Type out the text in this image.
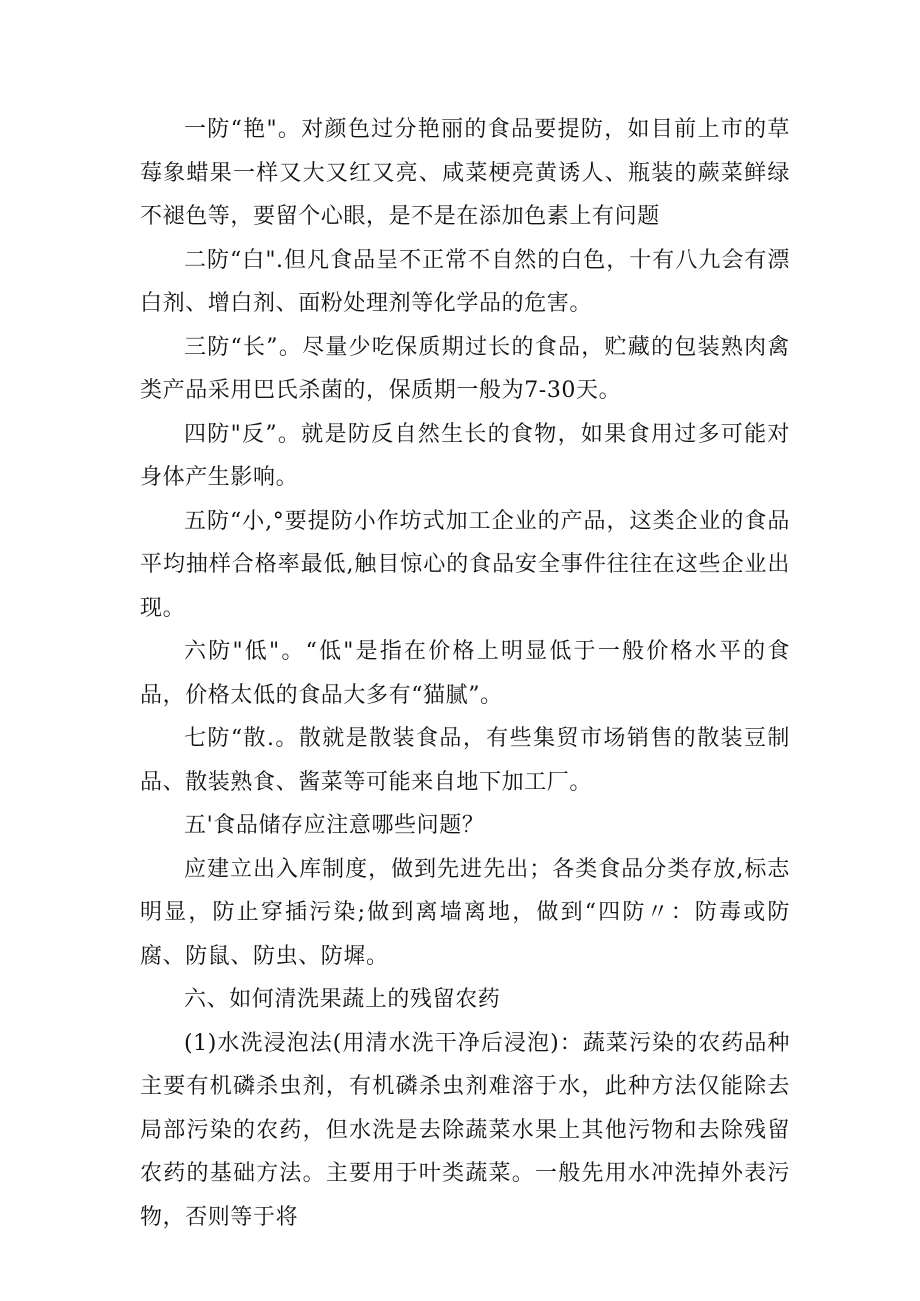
一防“艳"。对颜色过分艳丽的食品要提防，如目前上市的草莓象蜡果一样又大又红又亮、咸菜梗亮黄诱人、瓶装的蕨菜鲜绿不褪色等，要留个心眼，是不是在添加色素上有问题

二防“白".但凡食品呈不正常不自然的白色，十有八九会有漂白剂、增白剂、面粉处理剂等化学品的危害。

三防“长”。尽量少吃保质期过长的食品，贮藏的包装熟肉禽类产品采用巴氏杀菌的，保质期一般为7-30天。

四防"反”。就是防反自然生长的食物，如果食用过多可能对身体产生影响。

五防“小,°要提防小作坊式加工企业的产品，这类企业的食品平均抽样合格率最低,触目惊心的食品安全事件往往在这些企业出现。

六防"低"。“低"是指在价格上明显低于一般价格水平的食品，价格太低的食品大多有“猫腻”。

七防“散.。散就是散装食品，有些集贸市场销售的散装豆制品、散装熟食、酱菜等可能来自地下加工厂。

五'食品储存应注意哪些问题？

应建立出入库制度，做到先进先出；各类食品分类存放,标志明显，防止穿插污染;做到离墙离地，做到“四防〃：防毒或防腐、防鼠、防虫、防墀。

六、如何清洗果蔬上的残留农药

(1)水洗浸泡法(用清水洗干净后浸泡)：蔬菜污染的农药品种主要有机磷杀虫剂，有机磷杀虫剂难溶于水，此种方法仅能除去局部污染的农药，但水洗是去除蔬菜水果上其他污物和去除残留农药的基础方法。主要用于叶类蔬菜。一般先用水冲洗掉外表污物，否则等于将
